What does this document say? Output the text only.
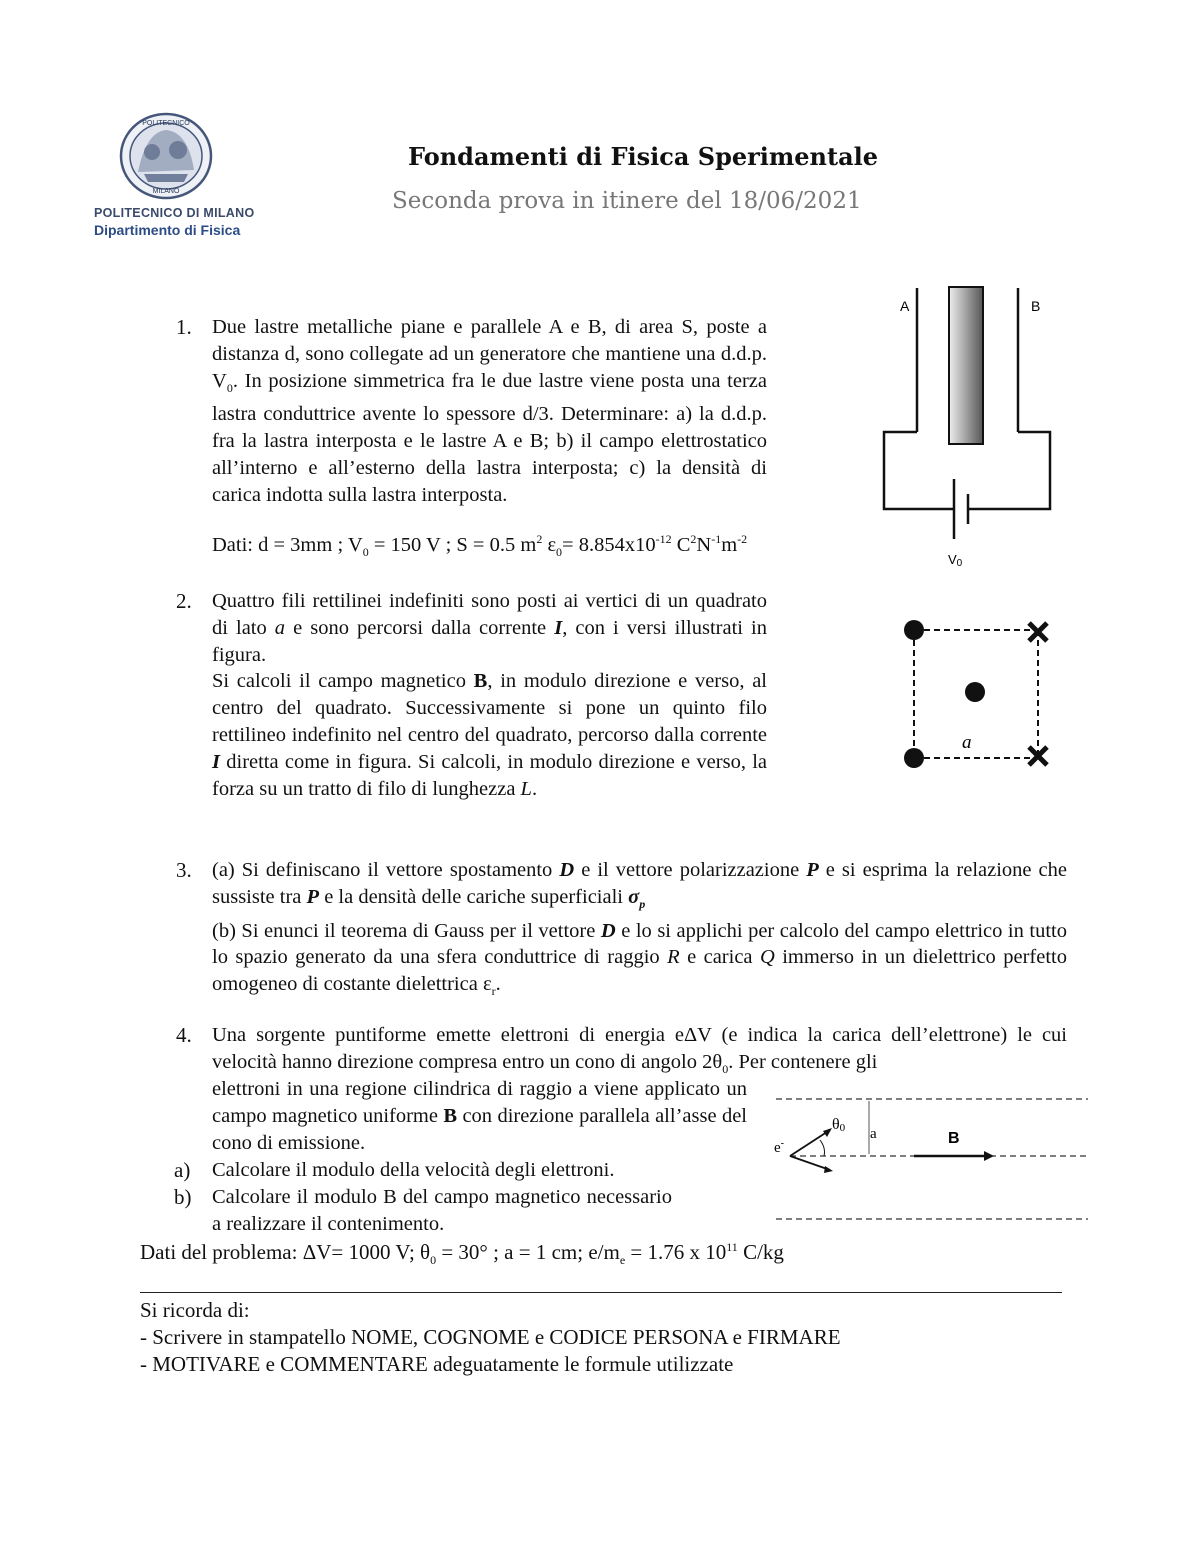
POLITECNICO
MILANO
POLITECNICO DI MILANO
Dipartimento di Fisica
Fondamenti di Fisica Sperimentale
Seconda prova in itinere del 18/06/2021
1. Due lastre metalliche piane e parallele A e B, di area S, poste a distanza d, sono collegate ad un generatore che mantiene una d.d.p. $V_0$. In posizione simmetrica fra le due lastre viene posta una terza lastra conduttrice avente lo spessore d/3. Determinare: a) la d.d.p. fra la lastra interposta e le lastre A e B; b) il campo elettrostatico all’interno e all’esterno della lastra interposta; c) la densità di carica indotta sulla lastra interposta.

Dati: d = 3mm ; $V_0 = 150$ V ; S = 0.5 $m^2$ $\varepsilon_0= 8.854x10^{-12}$ $C^2N^{-1}m^{-2}$
A	B
V0
2. Quattro fili rettilinei indefiniti sono posti ai vertici di un quadrato di lato a e sono percorsi dalla corrente I, con i versi illustrati in figura.

Si calcoli il campo magnetico B, in modulo direzione e verso, al centro del quadrato. Successivamente si pone un quinto filo rettilineo indefinito nel centro del quadrato, percorso dalla corrente I diretta come in figura. Si calcoli, in modulo direzione e verso, la forza su un tratto di filo di lunghezza L.

a
3. (a) Si definiscano il vettore spostamento D e il vettore polarizzazione P e si esprima la relazione che sussiste tra P e la densità delle cariche superficiali $\sigma_p$

(b) Si enunci il teorema di Gauss per il vettore D e lo si applichi per calcolo del campo elettrico in tutto lo spazio generato da una sfera conduttrice di raggio R e carica Q immerso in un dielettrico perfetto omogeneo di costante dielettrica $\varepsilon_r$.

4. Una sorgente puntiforme emette elettroni di energia eΔV (e indica la carica dell’elettrone) le cui velocità hanno direzione compresa entro un cono di angolo $2\theta_0$. Per contenere gli

elettroni in una regione cilindrica di raggio a viene applicato un campo magnetico uniforme B con direzione parallela all’asse del cono di emissione.

a) Calcolare il modulo della velocità degli elettroni.
b) Calcolare il modulo B del campo magnetico necessario a realizzare il contenimento.
Dati del problema: ΔV= 1000 V; $\theta_0 = 30^\circ$ ; a = 1 cm; $e/m_e = 1.76$ x $10^{11}$ C/kg
e-
θ0 a	B
Si ricorda di:
- Scrivere in stampatello NOME, COGNOME e CODICE PERSONA e FIRMARE
- MOTIVARE e COMMENTARE adeguatamente le formule utilizzate
